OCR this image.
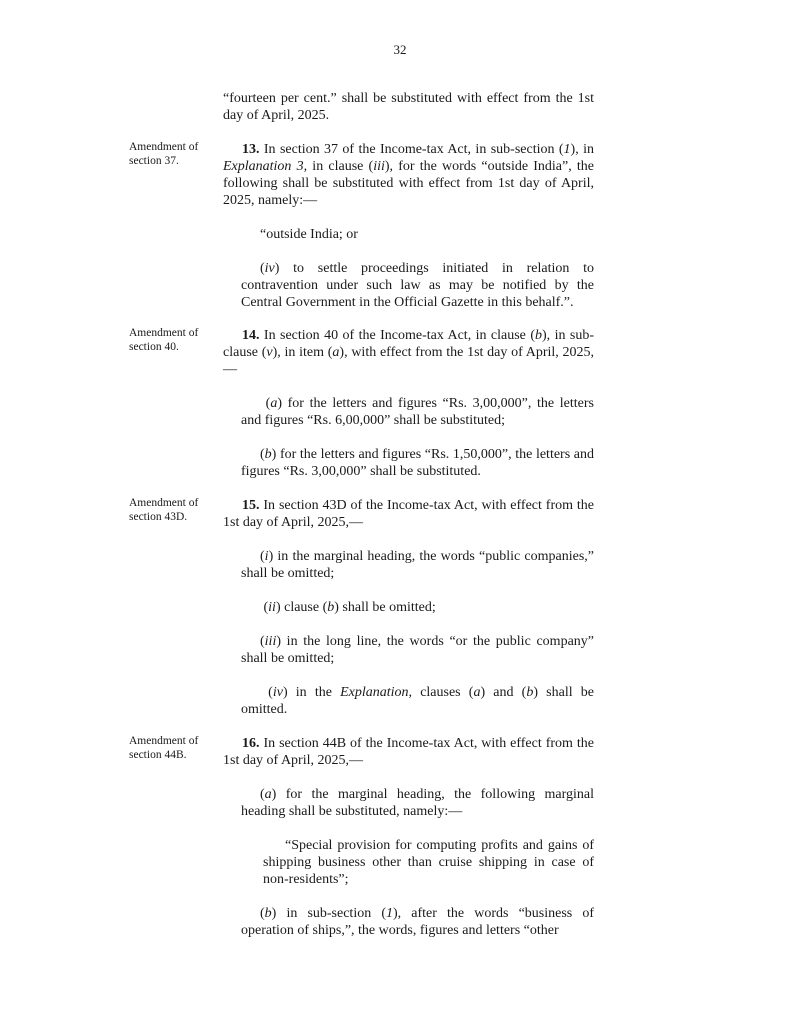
32
“fourteen per cent.” shall be substituted with effect from the 1st day of April, 2025.
Amendment of section 37.
13. In section 37 of the Income-tax Act, in sub-section (1), in Explanation 3, in clause (iii), for the words “outside India”, the following shall be substituted with effect from 1st day of April, 2025, namely:—
“outside India; or
(iv) to settle proceedings initiated in relation to contravention under such law as may be notified by the Central Government in the Official Gazette in this behalf.”.
Amendment of section 40.
14. In section 40 of the Income-tax Act, in clause (b), in sub-clause (v), in item (a), with effect from the 1st day of April, 2025, —
(a) for the letters and figures “Rs. 3,00,000”, the letters and figures “Rs. 6,00,000” shall be substituted;
(b) for the letters and figures “Rs. 1,50,000”, the letters and figures “Rs. 3,00,000” shall be substituted.
Amendment of section 43D.
15. In section 43D of the Income-tax Act, with effect from the 1st day of April, 2025,—
(i) in the marginal heading, the words “public companies,” shall be omitted;
(ii) clause (b) shall be omitted;
(iii) in the long line, the words “or the public company” shall be omitted;
(iv) in the Explanation, clauses (a) and (b) shall be omitted.
Amendment of section 44B.
16. In section 44B of the Income-tax Act, with effect from the 1st day of April, 2025,—
(a) for the marginal heading, the following marginal heading shall be substituted, namely:—
“Special provision for computing profits and gains of shipping business other than cruise shipping in case of non-residents”;
(b) in sub-section (1), after the words “business of operation of ships,”, the words, figures and letters “other
